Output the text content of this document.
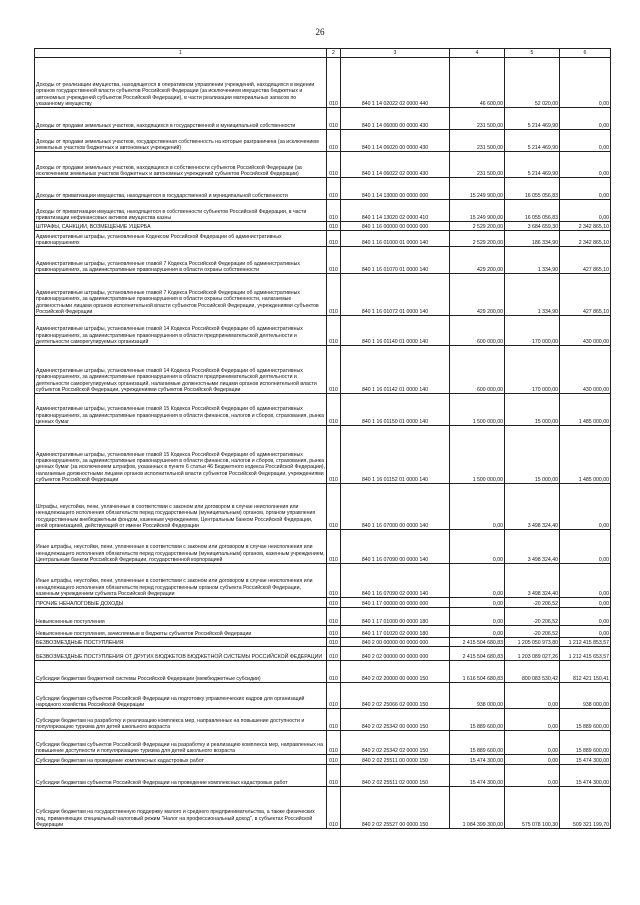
26
1	2	3	4	5	6
Доходы от реализации имущества, находящегося в оперативном управлении учреждений, находящихся в ведении органов государственной власти субъектов Российской Федерации (за исключением имущества бюджетных и автономных учреждений субъектов Российской Федерации), в части реализации материальных запасов по указанному имуществу	010	840 1 14 02022 02 0000 440	46 600,00	52 020,00	0,00
Доходы от продажи земельных участков, находящихся в государственной и муниципальной собственности	010	840 1 14 06000 00 0000 430	231 500,00	5 214 469,90	0,00
Доходы от продажи земельных участков, государственная собственность на которые разграничена (за исключением земельных участков бюджетных и автономных учреждений)	010	840 1 14 06020 00 0000 430	231 500,00	5 214 469,90	0,00
Доходы от продажи земельных участков, находящихся в собственности субъектов Российской Федерации (за исключением земельных участков бюджетных и автономных учреждений субъектов Российской Федерации)	010	840 1 14 06022 02 0000 430	231 500,00	5 214 469,90	0,00
Доходы от приватизации имущества, находящегося в государственной и муниципальной собственности	010	840 1 14 13000 00 0000 000	15 249 900,00	16 055 056,83	0,00
Доходы от приватизации имущества, находящегося в собственности субъектов Российской Федерации, в части приватизации нефинансовых активов имущества казны	010	840 1 14 13020 02 0000 410	15 249 900,00	16 055 056,83	0,00
ШТРАФЫ, САНКЦИИ, ВОЗМЕЩЕНИЕ УЩЕРБА	010	840 1 16 00000 00 0000 000	2 529 200,00	3 684 659,30	2 342 865,10
Административные штрафы, установленные Кодексом Российской Федерации об административных правонарушениях	010	840 1 16 01000 01 0000 140	2 529 200,00	186 334,90	2 342 865,10
Административные штрафы, установленные главой 7 Кодекса Российской Федерации об административных правонарушениях, за административные правонарушения в области охраны собственности	010	840 1 16 01070 01 0000 140	429 200,00	1 334,90	427 865,10
Административные штрафы, установленные главой 7 Кодекса Российской Федерации об административных правонарушениях, за административные правонарушения в области охраны собственности, налагаемые должностными лицами органов исполнительной власти субъектов Российской Федерации, учреждениями субъектов Российской Федерации	010	840 1 16 01072 01 0000 140	429 200,00	1 334,90	427 865,10
Административные штрафы, установленные главой 14 Кодекса Российской Федерации об административных правонарушениях, за административные правонарушения в области предпринимательской деятельности и деятельности саморегулируемых организаций	010	840 1 16 01140 01 0000 140	600 000,00	170 000,00	430 000,00
Административные штрафы, установленные главой 14 Кодекса Российской Федерации об административных правонарушениях, за административные правонарушения в области предпринимательской деятельности и деятельности саморегулируемых организаций, налагаемые должностными лицами органов исполнительной власти субъектов Российской Федерации, учреждениями субъектов Российской Федерации	010	840 1 16 01142 01 0000 140	600 000,00	170 000,00	430 000,00
Административные штрафы, установленные главой 15 Кодекса Российской Федерации об административных правонарушениях, за административные правонарушения в области финансов, налогов и сборов, страхования, рынка ценных бумаг	010	840 1 16 01150 01 0000 140	1 500 000,00	15 000,00	1 485 000,00
Административные штрафы, установленные главой 15 Кодекса Российской Федерации об административных правонарушениях, за административные правонарушения в области финансов, налогов и сборов, страхования, рынка ценных бумаг (за исключением штрафов, указанных в пункте 6 статьи 46 Бюджетного кодекса Российской Федерации), налагаемые должностными лицами органов исполнительной власти субъектов Российской Федерации, учреждениями субъектов Российской Федерации	010	840 1 16 01152 01 0000 140	1 500 000,00	15 000,00	1 485 000,00
Штрафы, неустойки, пени, уплаченные в соответствии с законом или договором в случае неисполнения или ненадлежащего исполнения обязательств перед государственным (муниципальным) органом, органом управления государственным внебюджетным фондом, казенным учреждением, Центральным банком Российской Федерации, иной организацией, действующей от имени Российской Федерации	010	840 1 16 07000 00 0000 140	0,00	3 498 324,40	0,00
Иные штрафы, неустойки, пени, уплаченные в соответствии с законом или договором в случае неисполнения или ненадлежащего исполнения обязательств перед государственным (муниципальным) органом, казенным учреждением, Центральным банком Российской Федерации, государственной корпорацией	010	840 1 16 07090 00 0000 140	0,00	3 498 324,40	0,00
Иные штрафы, неустойки, пени, уплаченные в соответствии с законом или договором в случае неисполнения или ненадлежащего исполнения обязательств перед государственным органом субъекта Российской Федерации, казенным учреждением субъекта Российской Федерации	010	840 1 16 07090 02 0000 140	0,00	3 498 324,40	0,00
ПРОЧИЕ НЕНАЛОГОВЫЕ ДОХОДЫ	010	840 1 17 00000 00 0000 000	0,00	-20 206,52	0,00
Невыясненные поступления	010	840 1 17 01000 00 0000 180	0,00	-20 206,52	0,00
Невыясненные поступления, зачисляемые в бюджеты субъектов Российской Федерации	010	840 1 17 01020 02 0000 180	0,00	-20 206,52	0,00
БЕЗВОЗМЕЗДНЫЕ ПОСТУПЛЕНИЯ	010	840 2 00 00000 00 0000 000	2 415 504 680,83	1 205 050 973,80	1 212 415 853,57
БЕЗВОЗМЕЗДНЫЕ ПОСТУПЛЕНИЯ ОТ ДРУГИХ БЮДЖЕТОВ БЮДЖЕТНОЙ СИСТЕМЫ РОССИЙСКОЙ ФЕДЕРАЦИИ	010	840 2 02 00000 00 0000 000	2 415 504 680,83	1 203 089 027,26	1 212 415 653,57
Субсидии бюджетам бюджетной системы Российской Федерации (межбюджетные субсидии)	010	840 2 02 20000 00 0000 150	1 616 504 680,83	800 083 530,42	812 421 150,41
Субсидии бюджетам субъектов Российской Федерации на подготовку управленческих кадров для организаций народного хозяйства Российской Федерации	010	840 2 02 25066 02 0000 150	938 000,00	0,00	938 000,00
Субсидии бюджетам на разработку и реализацию комплекса мер, направленных на повышение доступности и популяризацию туризма для детей школьного возраста	010	840 2 02 25342 00 0000 150	15 889 600,00	0,00	15 889 600,00
Субсидии бюджетам субъектов Российской Федерации на разработку и реализацию комплекса мер, направленных на повышение доступности и популяризацию туризма для детей школьного возраста	010	840 2 02 25342 02 0000 150	15 889 600,00	0,00	15 889 600,00
Субсидии бюджетам на проведение комплексных кадастровых работ	010	840 2 02 25511 00 0000 150	15 474 300,00	0,00	15 474 300,00
Субсидии бюджетам субъектов Российской Федерации на проведение комплексных кадастровых работ	010	840 2 02 25511 02 0000 150	15 474 300,00	0,00	15 474 300,00
Субсидии бюджетам на государственную поддержку малого и среднего предпринимательства, а также физических лиц, применяющих специальный налоговый режим "Налог на профессиональный доход", в субъектах Российской Федерации	010	840 2 02 25527 00 0000 150	1 084 399 300,00	575 078 100,30	509 321 199,70
